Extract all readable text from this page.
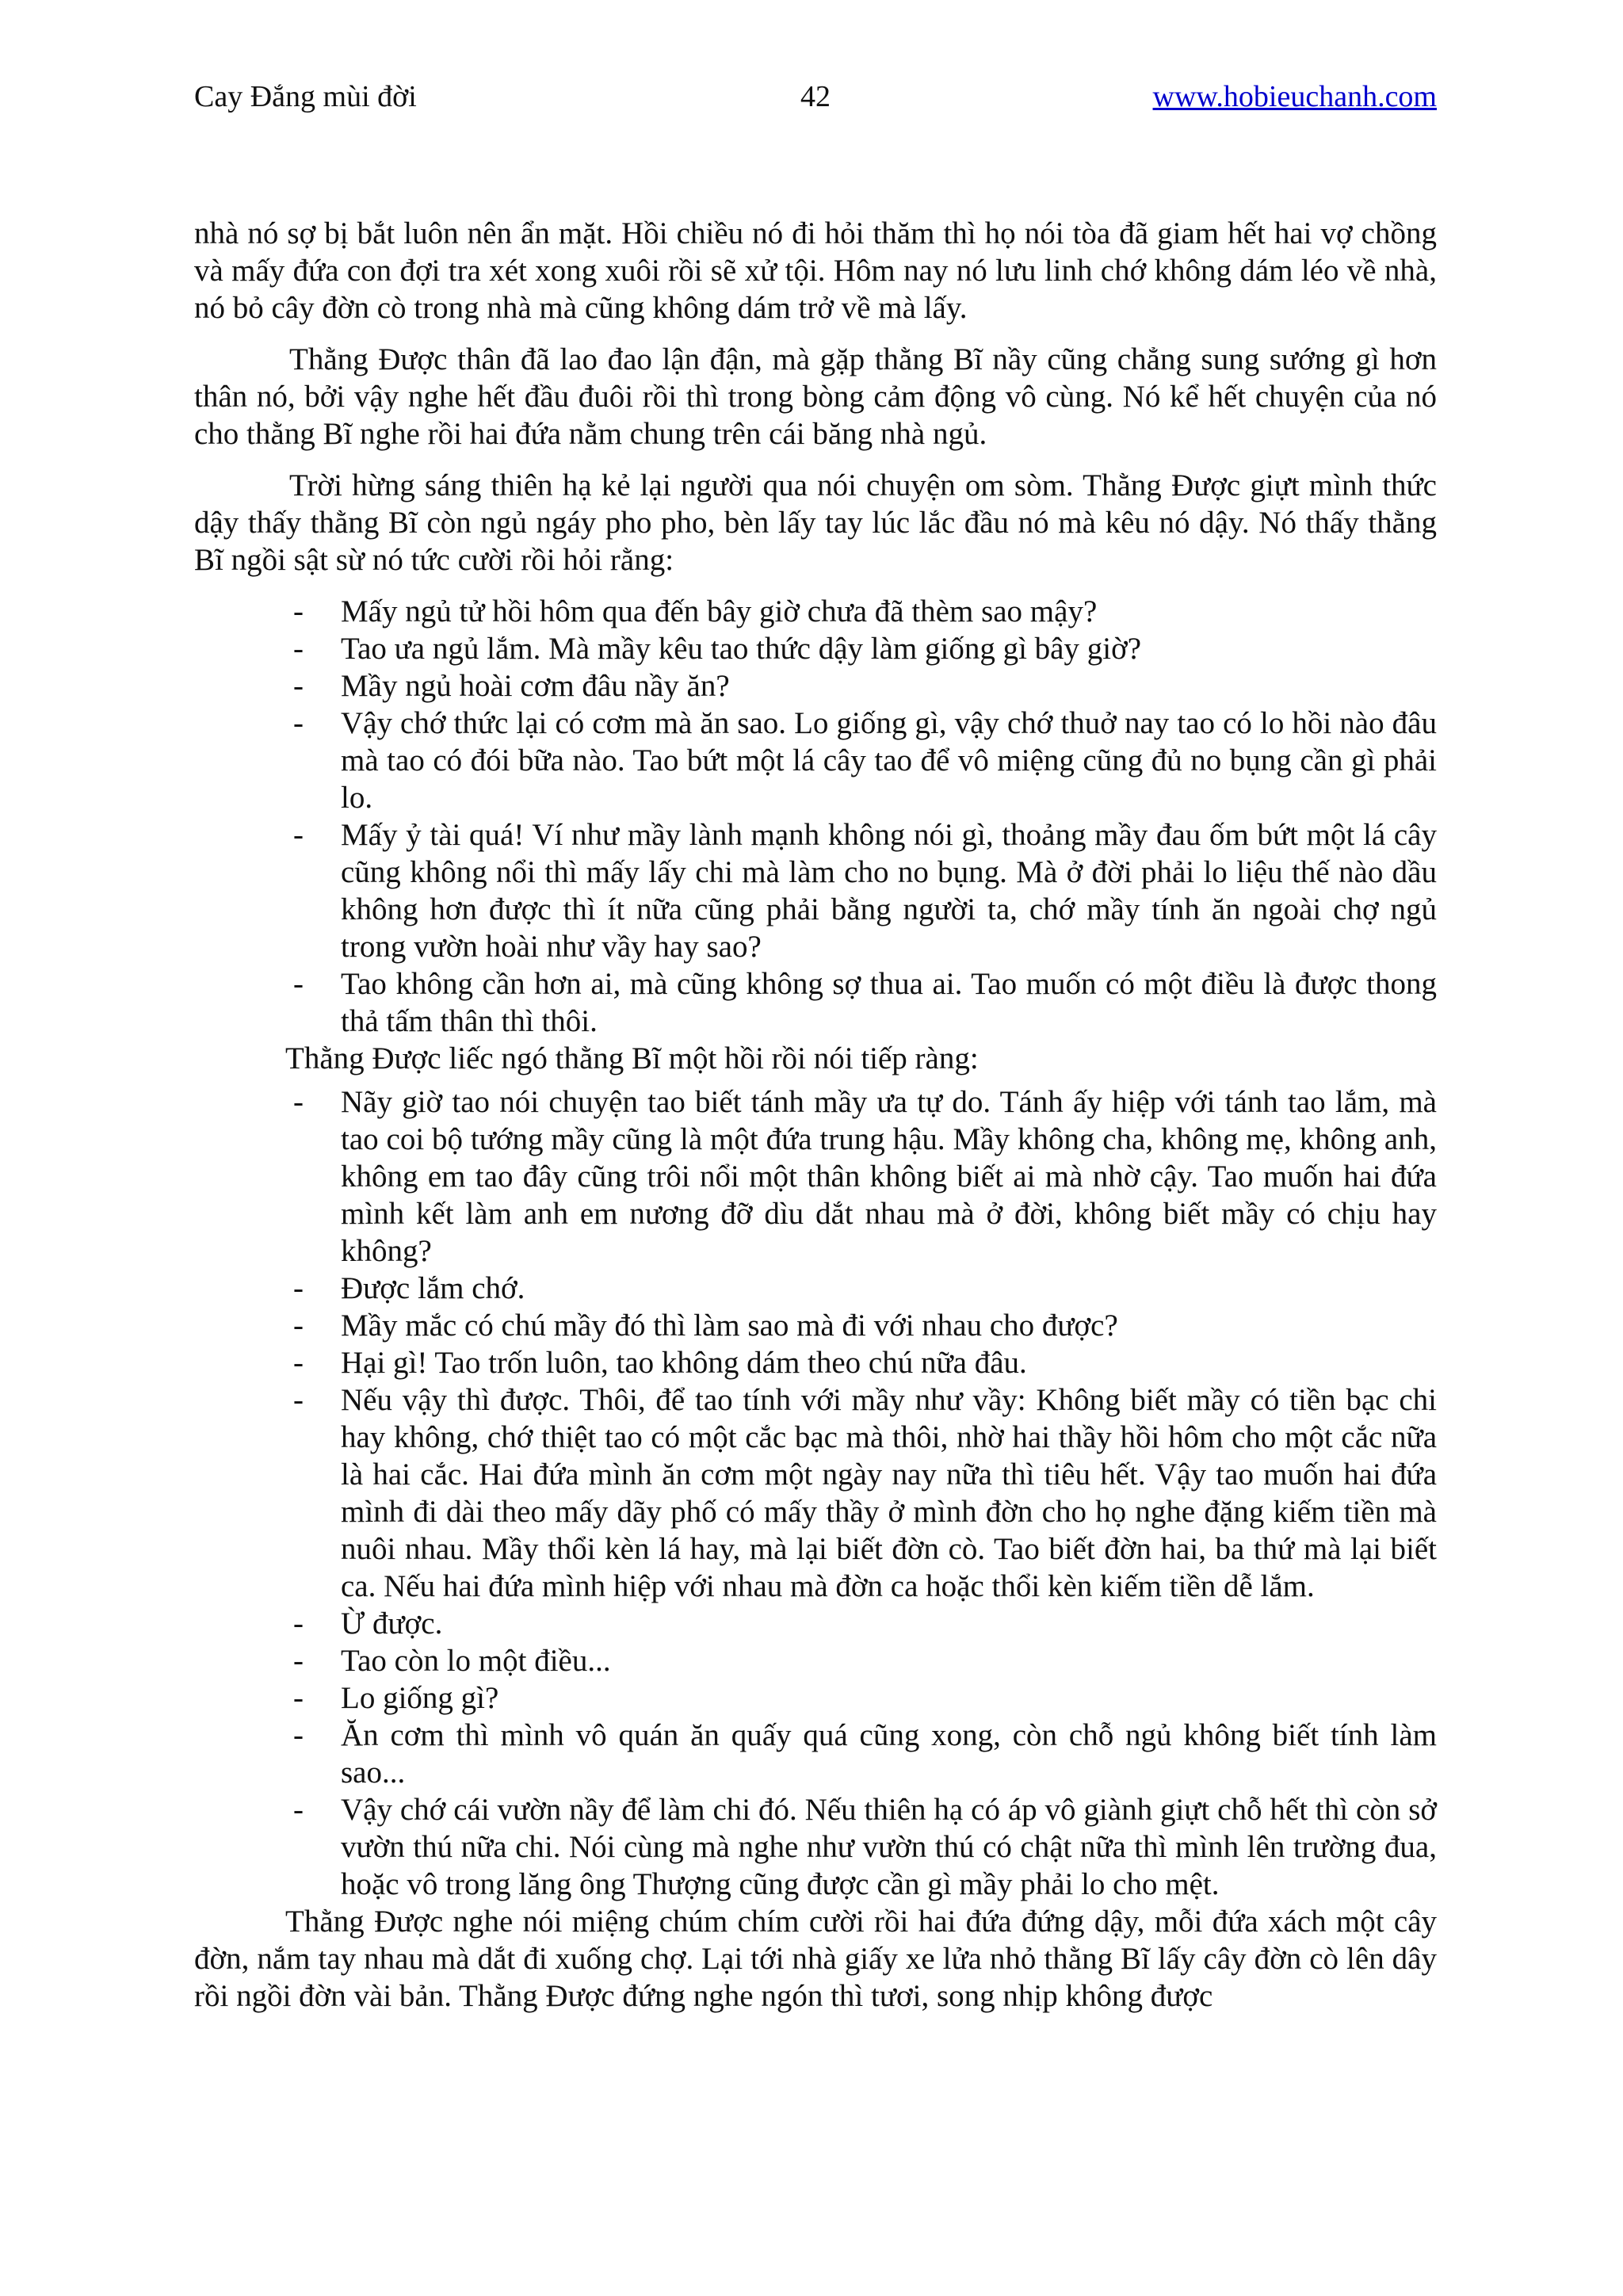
Cay Đắng mùi đời	42	www.hobieuchanh.com

nhà nó sợ bị bắt luôn nên ẩn mặt. Hồi chiều nó đi hỏi thăm thì họ nói tòa đã giam hết hai vợ chồng và mấy đứa con đợi tra xét xong xuôi rồi sẽ xử tội. Hôm nay nó lưu linh chớ không dám léo về nhà, nó bỏ cây đờn cò trong nhà mà cũng không dám trở về mà lấy.

Thằng Được thân đã lao đao lận đận, mà gặp thằng Bĩ nầy cũng chẳng sung sướng gì hơn thân nó, bởi vậy nghe hết đầu đuôi rồi thì trong bòng cảm động vô cùng. Nó kể hết chuyện của nó cho thằng Bĩ nghe rồi hai đứa nằm chung trên cái băng nhà ngủ.

Trời hừng sáng thiên hạ kẻ lại người qua nói chuyện om sòm. Thằng Được giựt mình thức dậy thấy thằng Bĩ còn ngủ ngáy pho pho, bèn lấy tay lúc lắc đầu nó mà kêu nó dậy. Nó thấy thằng Bĩ ngồi sật sừ nó tức cười rồi hỏi rằng:

- Mấy ngủ tử hồi hôm qua đến bây giờ chưa đã thèm sao mậy?
- Tao ưa ngủ lắm. Mà mầy kêu tao thức dậy làm giống gì bây giờ?
- Mầy ngủ hoài cơm đâu nầy ăn?
- Vậy chớ thức lại có cơm mà ăn sao. Lo giống gì, vậy chớ thuở nay tao có lo hồi nào đâu mà tao có đói bữa nào. Tao bứt một lá cây tao để vô miệng cũng đủ no bụng cần gì phải lo.
- Mấy ỷ tài quá! Ví như mầy lành mạnh không nói gì, thoảng mầy đau ốm bứt một lá cây cũng không nổi thì mấy lấy chi mà làm cho no bụng. Mà ở đời phải lo liệu thế nào dầu không hơn được thì ít nữa cũng phải bằng người ta, chớ mầy tính ăn ngoài chợ ngủ trong vườn hoài như vầy hay sao?
- Tao không cần hơn ai, mà cũng không sợ thua ai. Tao muốn có một điều là được thong thả tấm thân thì thôi.

Thằng Được liếc ngó thằng Bĩ một hồi rồi nói tiếp ràng:

- Nãy giờ tao nói chuyện tao biết tánh mầy ưa tự do. Tánh ấy hiệp với tánh tao lắm, mà tao coi bộ tướng mầy cũng là một đứa trung hậu. Mầy không cha, không mẹ, không anh, không em tao đây cũng trôi nổi một thân không biết ai mà nhờ cậy. Tao muốn hai đứa mình kết làm anh em nương đỡ dìu dắt nhau mà ở đời, không biết mầy có chịu hay không?
- Được lắm chớ.
- Mầy mắc có chú mầy đó thì làm sao mà đi với nhau cho được?
- Hại gì! Tao trốn luôn, tao không dám theo chú nữa đâu.
- Nếu vậy thì được. Thôi, để tao tính với mầy như vầy: Không biết mầy có tiền bạc chi hay không, chớ thiệt tao có một cắc bạc mà thôi, nhờ hai thầy hồi hôm cho một cắc nữa là hai cắc. Hai đứa mình ăn cơm một ngày nay nữa thì tiêu hết. Vậy tao muốn hai đứa mình đi dài theo mấy dãy phố có mấy thầy ở mình đờn cho họ nghe đặng kiếm tiền mà nuôi nhau. Mầy thổi kèn lá hay, mà lại biết đờn cò. Tao biết đờn hai, ba thứ mà lại biết ca. Nếu hai đứa mình hiệp với nhau mà đờn ca hoặc thổi kèn kiếm tiền dễ lắm.
- Ừ được.
- Tao còn lo một điều...
- Lo giống gì?
- Ăn cơm thì mình vô quán ăn quấy quá cũng xong, còn chỗ ngủ không biết tính làm sao...
- Vậy chớ cái vườn nầy để làm chi đó. Nếu thiên hạ có áp vô giành giựt chỗ hết thì còn sở vườn thú nữa chi. Nói cùng mà nghe như vườn thú có chật nữa thì mình lên trường đua, hoặc vô trong lăng ông Thượng cũng được cần gì mầy phải lo cho mệt.

Thằng Được nghe nói miệng chúm chím cười rồi hai đứa đứng dậy, mỗi đứa xách một cây đờn, nắm tay nhau mà dắt đi xuống chợ. Lại tới nhà giấy xe lửa nhỏ thằng Bĩ lấy cây đờn cò lên dây rồi ngồi đờn vài bản. Thằng Được đứng nghe ngón thì tươi, song nhịp không được
